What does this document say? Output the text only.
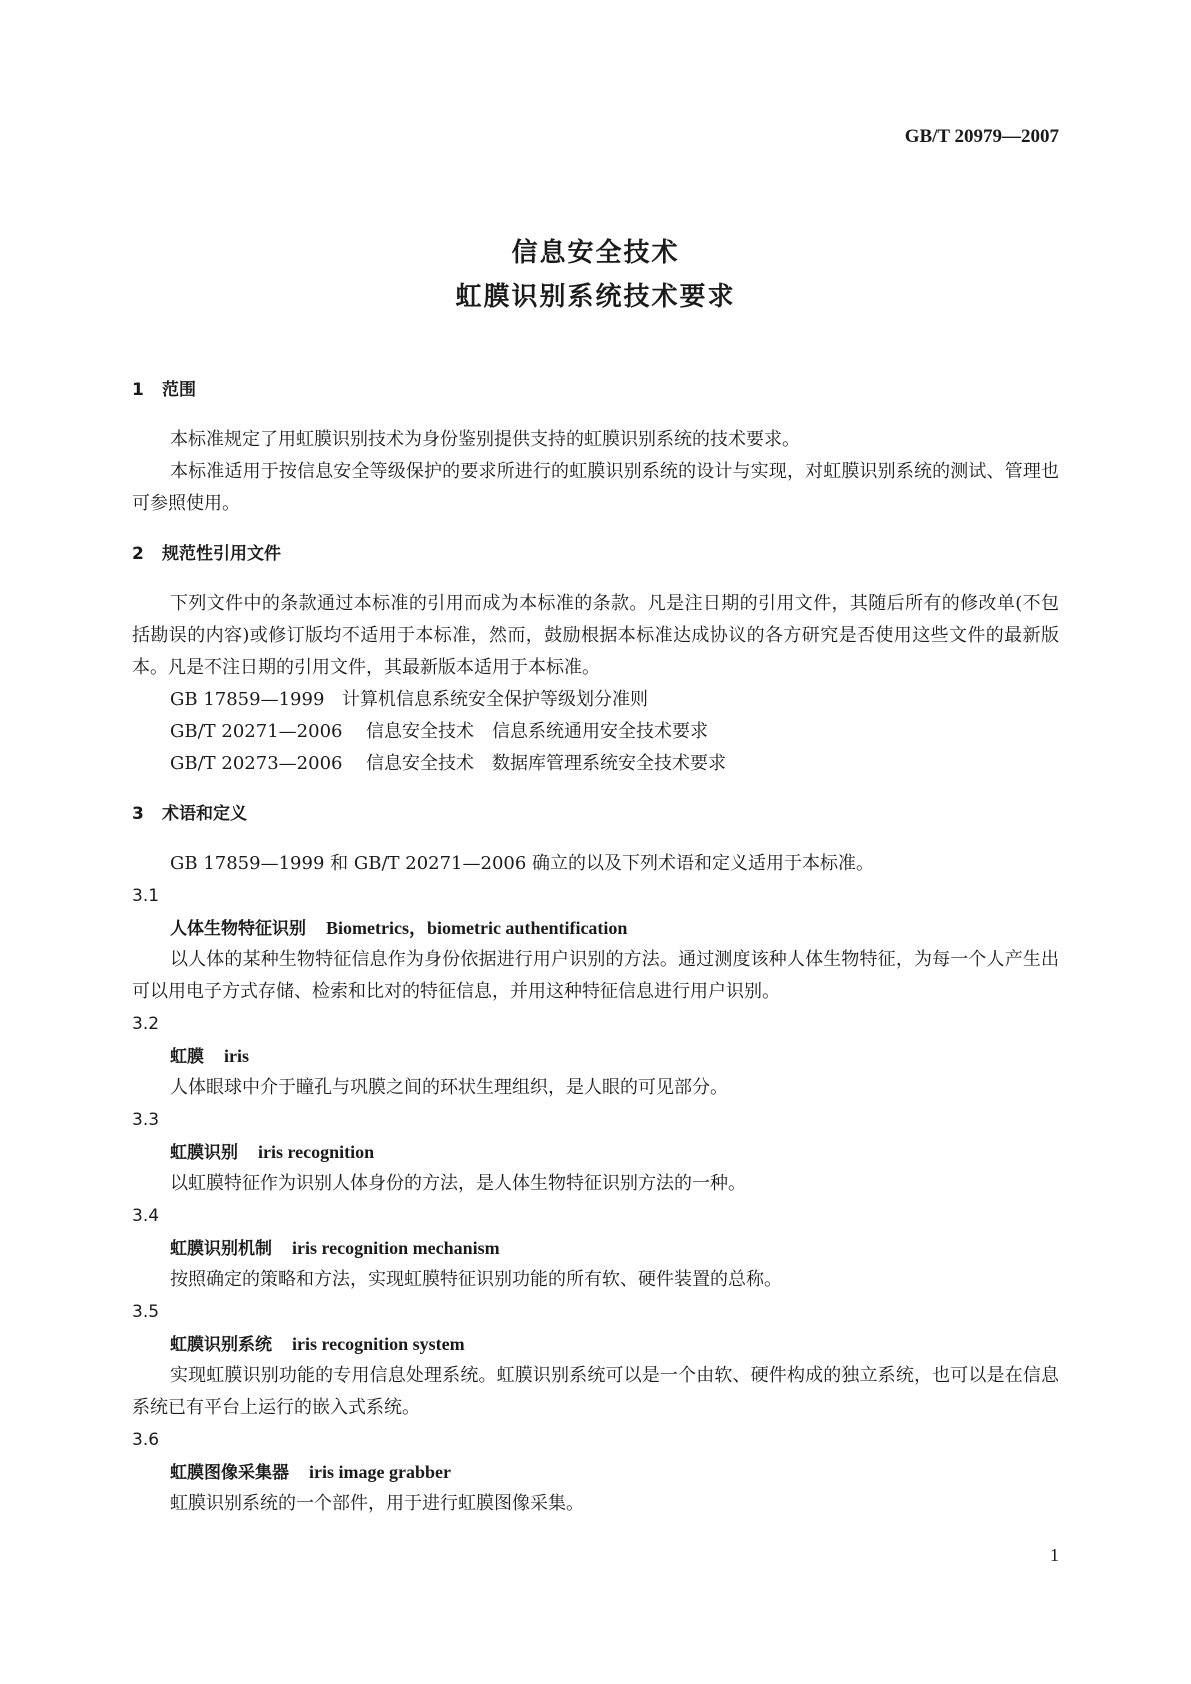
GB/T 20979—2007
信息安全技术
虹膜识别系统技术要求
1 范围

本标准规定了用虹膜识别技术为身份鉴别提供支持的虹膜识别系统的技术要求。

本标准适用于按信息安全等级保护的要求所进行的虹膜识别系统的设计与实现，对虹膜识别系统的测试、管理也可参照使用。

2 规范性引用文件

下列文件中的条款通过本标准的引用而成为本标准的条款。凡是注日期的引用文件，其随后所有的修改单(不包括勘误的内容)或修订版均不适用于本标准，然而，鼓励根据本标准达成协议的各方研究是否使用这些文件的最新版本。凡是不注日期的引用文件，其最新版本适用于本标准。

GB 17859—1999 计算机信息系统安全保护等级划分准则
GB/T 20271—2006 信息安全技术　信息系统通用安全技术要求
GB/T 20273—2006 信息安全技术　数据库管理系统安全技术要求
3 术语和定义

GB 17859—1999 和 GB/T 20271—2006 确立的以及下列术语和定义适用于本标准。

3.1
人体生物特征识别 Biometrics，biometric authentification

以人体的某种生物特征信息作为身份依据进行用户识别的方法。通过测度该种人体生物特征，为每一个人产生出可以用电子方式存储、检索和比对的特征信息，并用这种特征信息进行用户识别。

3.2
虹膜 iris

人体眼球中介于瞳孔与巩膜之间的环状生理组织，是人眼的可见部分。

3.3
虹膜识别 iris recognition

以虹膜特征作为识别人体身份的方法，是人体生物特征识别方法的一种。

3.4
虹膜识别机制 iris recognition mechanism

按照确定的策略和方法，实现虹膜特征识别功能的所有软、硬件装置的总称。

3.5
虹膜识别系统 iris recognition system

实现虹膜识别功能的专用信息处理系统。虹膜识别系统可以是一个由软、硬件构成的独立系统，也可以是在信息系统已有平台上运行的嵌入式系统。

3.6
虹膜图像采集器 iris image grabber

虹膜识别系统的一个部件，用于进行虹膜图像采集。

1
